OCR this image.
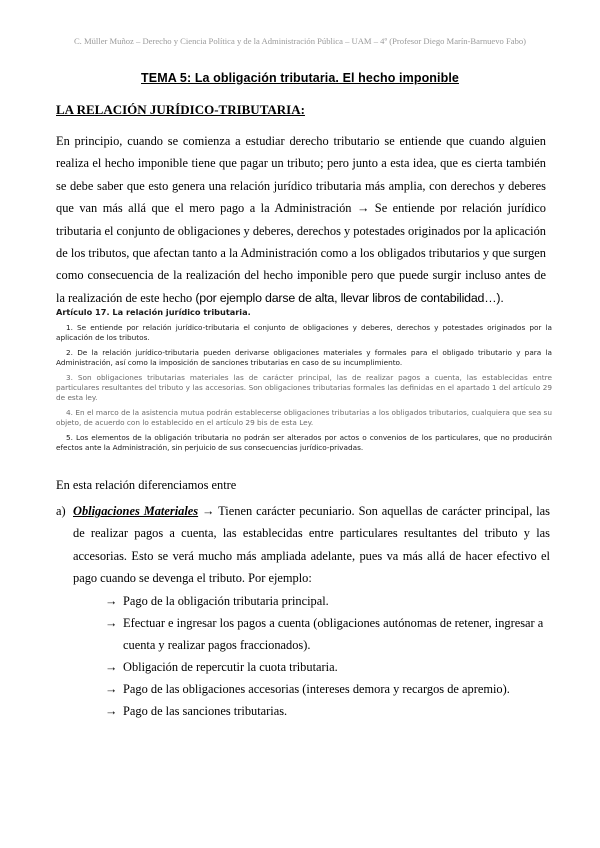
C. Müller Muñoz – Derecho y Ciencia Política y de la Administración Pública – UAM – 4º (Profesor Diego Marín-Barnuevo Fabo)
TEMA 5: La obligación tributaria. El hecho imponible
LA RELACIÓN JURÍDICO-TRIBUTARIA:

En principio, cuando se comienza a estudiar derecho tributario se entiende que cuando alguien realiza el hecho imponible tiene que pagar un tributo; pero junto a esta idea, que es cierta también se debe saber que esto genera una relación jurídico tributaria más amplia, con derechos y deberes que van más allá que el mero pago a la Administración → Se entiende por relación jurídico tributaria el conjunto de obligaciones y deberes, derechos y potestades originados por la aplicación de los tributos, que afectan tanto a la Administración como a los obligados tributarios y que surgen como consecuencia de la realización del hecho imponible pero que puede surgir incluso antes de la realización de este hecho (por ejemplo darse de alta, llevar libros de contabilidad…).

Artículo 17. La relación jurídico tributaria.

1. Se entiende por relación jurídico-tributaria el conjunto de obligaciones y deberes, derechos y potestades originados por la aplicación de los tributos.

2. De la relación jurídico-tributaria pueden derivarse obligaciones materiales y formales para el obligado tributario y para la Administración, así como la imposición de sanciones tributarias en caso de su incumplimiento.

3. Son obligaciones tributarias materiales las de carácter principal, las de realizar pagos a cuenta, las establecidas entre particulares resultantes del tributo y las accesorias. Son obligaciones tributarias formales las definidas en el apartado 1 del artículo 29 de esta ley.

4. En el marco de la asistencia mutua podrán establecerse obligaciones tributarias a los obligados tributarios, cualquiera que sea su objeto, de acuerdo con lo establecido en el artículo 29 bis de esta Ley.

5. Los elementos de la obligación tributaria no podrán ser alterados por actos o convenios de los particulares, que no producirán efectos ante la Administración, sin perjuicio de sus consecuencias jurídico-privadas.

En esta relación diferenciamos entre

a) Obligaciones Materiales → Tienen carácter pecuniario. Son aquellas de carácter principal, las de realizar pagos a cuenta, las establecidas entre particulares resultantes del tributo y las accesorias. Esto se verá mucho más ampliada adelante, pues va más allá de hacer efectivo el pago cuando se devenga el tributo. Por ejemplo:
→ Pago de la obligación tributaria principal.
→ Efectuar e ingresar los pagos a cuenta (obligaciones autónomas de retener, ingresar a cuenta y realizar pagos fraccionados).
→ Obligación de repercutir la cuota tributaria.
→ Pago de las obligaciones accesorias (intereses demora y recargos de apremio).
→ Pago de las sanciones tributarias.
